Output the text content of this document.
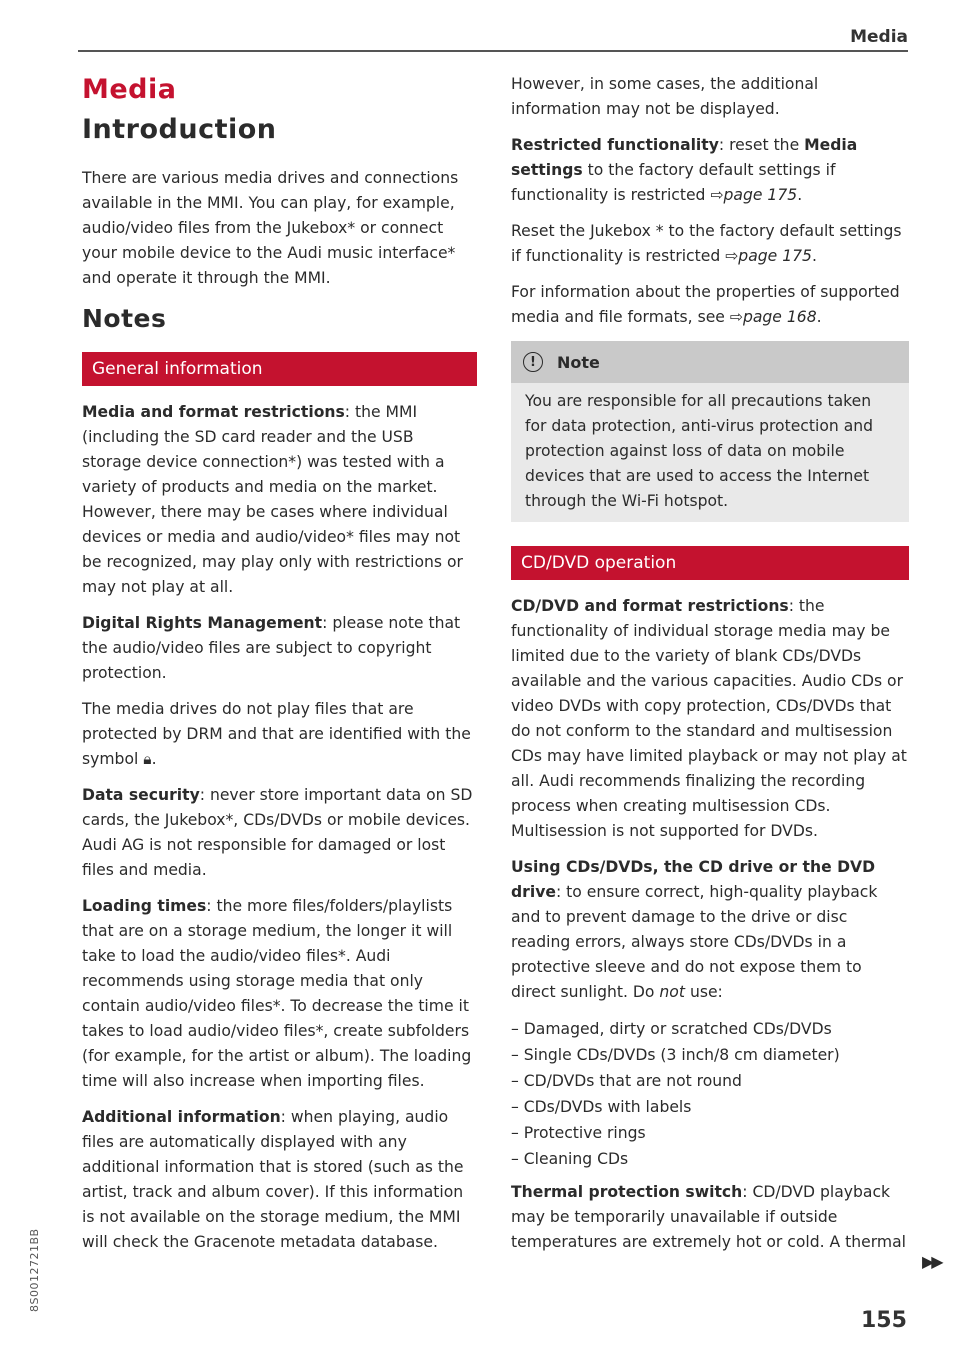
Media
Media
Introduction

There are various media drives and connections available in the MMI. You can play, for example, audio/video files from the Jukebox* or connect your mobile device to the Audi music interface* and operate it through the MMI.

Notes
General information

Media and format restrictions: the MMI (including the SD card reader and the USB storage device connection*) was tested with a variety of products and media on the market. However, there may be cases where individual devices or media and audio/video* files may not be recognized, may play only with restrictions or may not play at all.

Digital Rights Management: please note that the audio/video files are subject to copyright protection.

The media drives do not play files that are protected by DRM and that are identified with the symbol 🔒︎.

Data security: never store important data on SD cards, the Jukebox*, CDs/DVDs or mobile devices. Audi AG is not responsible for damaged or lost files and media.

Loading times: the more files/folders/playlists that are on a storage medium, the longer it will take to load the audio/video files*. Audi recommends using storage media that only contain audio/video files*. To decrease the time it takes to load audio/video files*, create subfolders (for example, for the artist or album). The loading time will also increase when importing files.

Additional information: when playing, audio files are automatically displayed with any additional information that is stored (such as the artist, track and album cover). If this information is not available on the storage medium, the MMI will check the Gracenote metadata database.

However, in some cases, the additional information may not be displayed.

Restricted functionality: reset the Media settings to the factory default settings if functionality is restricted ⇨page 175.

Reset the Jukebox * to the factory default settings if functionality is restricted ⇨page 175.

For information about the properties of supported media and file formats, see ⇨page 168.

!	Note
You are responsible for all precautions taken for data protection, anti-virus protection and protection against loss of data on mobile devices that are used to access the Internet through the Wi-Fi hotspot.
CD/DVD operation

CD/DVD and format restrictions: the functionality of individual storage media may be limited due to the variety of blank CDs/DVDs available and the various capacities. Audio CDs or video DVDs with copy protection, CDs/DVDs that do not conform to the standard and multisession CDs may have limited playback or may not play at all. Audi recommends finalizing the recording process when creating multisession CDs. Multisession is not supported for DVDs.

Using CDs/DVDs, the CD drive or the DVD drive: to ensure correct, high-quality playback and to prevent damage to the drive or disc reading errors, always store CDs/DVDs in a protective sleeve and do not expose them to direct sunlight. Do not use:

– Damaged, dirty or scratched CDs/DVDs
– Single CDs/DVDs (3 inch/8 cm diameter)
– CD/DVDs that are not round
– CDs/DVDs with labels
– Protective rings
– Cleaning CDs

Thermal protection switch: CD/DVD playback may be temporarily unavailable if outside temperatures are extremely hot or cold. A thermal

▶▶
155
8S0012721BB
